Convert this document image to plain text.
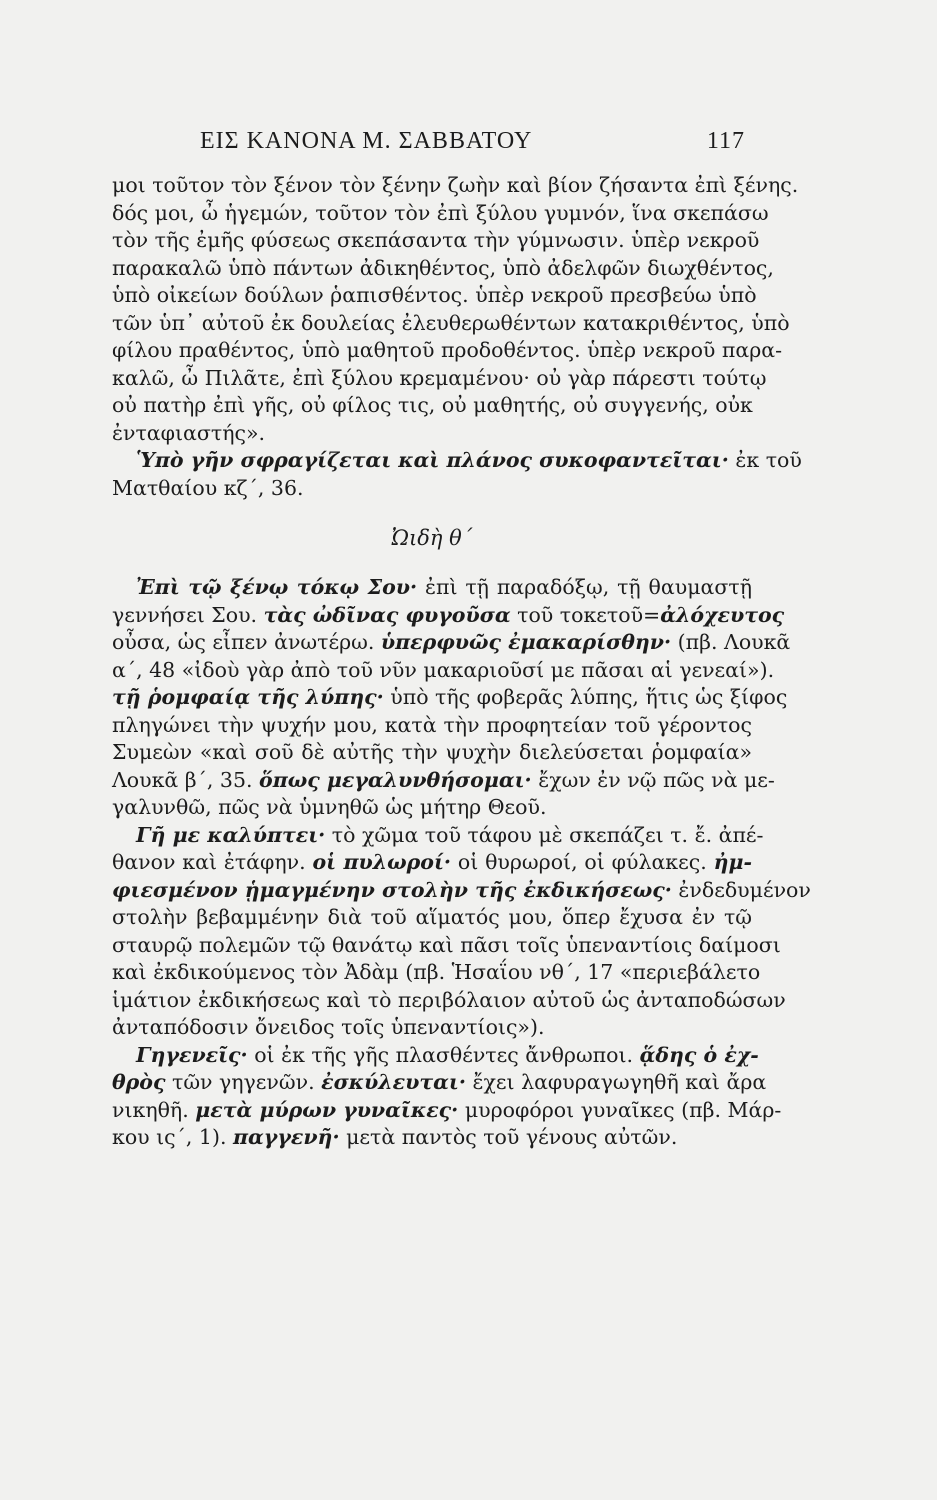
ΕΙΣ ΚΑΝΟΝΑ Μ. ΣΑΒΒΑΤΟΥ	117
μοι τοῦτον τὸν ξένον τὸν ξένην ζωὴν καὶ βίον ζήσαντα ἐπὶ ξένης.
δός μοι, ὦ ἡγεμών, τοῦτον τὸν ἐπὶ ξύλου γυμνόν, ἵνα σκεπάσω
τὸν τῆς ἐμῆς φύσεως σκεπάσαντα τὴν γύμνωσιν. ὑπὲρ νεκροῦ
παρακαλῶ ὑπὸ πάντων ἀδικηθέντος, ὑπὸ ἀδελφῶν διωχθέντος,
ὑπὸ οἰκείων δούλων ῥαπισθέντος. ὑπὲρ νεκροῦ πρεσβεύω ὑπὸ
τῶν ὑπ᾽ αὐτοῦ ἐκ δουλείας ἐλευθερωθέντων κατακριθέντος, ὑπὸ
φίλου πραθέντος, ὑπὸ μαθητοῦ προδοθέντος. ὑπὲρ νεκροῦ παρα-
καλῶ, ὦ Πιλᾶτε, ἐπὶ ξύλου κρεμαμένου· οὐ γὰρ πάρεστι τούτῳ
οὐ πατὴρ ἐπὶ γῆς, οὐ φίλος τις, οὐ μαθητής, οὐ συγγενής, οὐκ
ἐνταφιαστής».
Ὑπὸ γῆν σφραγίζεται καὶ πλάνος συκοφαντεῖται· ἐκ τοῦ
Ματθαίου κζ΄, 36.
Ὠιδὴ θ΄
Ἐπὶ τῷ ξένῳ τόκῳ Σου· ἐπὶ τῇ παραδόξῳ, τῇ θαυμαστῇ
γεννήσει Σου. τὰς ὠδῖνας φυγοῦσα τοῦ τοκετοῦ=ἀλόχευτος
οὖσα, ὡς εἶπεν ἀνωτέρω. ὑπερφυῶς ἐμακαρίσθην· (πβ. Λουκᾶ
α΄, 48 «ἰδοὺ γὰρ ἀπὸ τοῦ νῦν μακαριοῦσί με πᾶσαι αἱ γενεαί»).
τῇ ῥομφαίᾳ τῆς λύπης· ὑπὸ τῆς φοβερᾶς λύπης, ἥτις ὡς ξίφος
πληγώνει τὴν ψυχήν μου, κατὰ τὴν προφητείαν τοῦ γέροντος
Συμεὼν «καὶ σοῦ δὲ αὐτῆς τὴν ψυχὴν διελεύσεται ῥομφαία»
Λουκᾶ β΄, 35. ὅπως μεγαλυνθήσομαι· ἔχων ἐν νῷ πῶς νὰ με-
γαλυνθῶ, πῶς νὰ ὑμνηθῶ ὡς μήτηρ Θεοῦ.
Γῆ με καλύπτει· τὸ χῶμα τοῦ τάφου μὲ σκεπάζει τ. ἔ. ἀπέ-
θανον καὶ ἐτάφην. οἱ πυλωροί· οἱ θυρωροί, οἱ φύλακες. ἠμ-
φιεσμένον ᾑμαγμένην στολὴν τῆς ἐκδικήσεως· ἐνδεδυμένον
στολὴν βεβαμμένην διὰ τοῦ αἵματός μου, ὅπερ ἔχυσα ἐν τῷ
σταυρῷ πολεμῶν τῷ θανάτῳ καὶ πᾶσι τοῖς ὑπεναντίοις δαίμοσι
καὶ ἐκδικούμενος τὸν Ἀδὰμ (πβ. Ἡσαΐου νθ΄, 17 «περιεβάλετο
ἱμάτιον ἐκδικήσεως καὶ τὸ περιβόλαιον αὐτοῦ ὡς ἀνταποδώσων
ἀνταπόδοσιν ὄνειδος τοῖς ὑπεναντίοις»).
Γηγενεῖς· οἱ ἐκ τῆς γῆς πλασθέντες ἄνθρωποι. ᾅδης ὁ ἐχ-
θρὸς τῶν γηγενῶν. ἐσκύλευται· ἔχει λαφυραγωγηθῆ καὶ ἄρα
νικηθῆ. μετὰ μύρων γυναῖκες· μυροφόροι γυναῖκες (πβ. Μάρ-
κου ις΄, 1). παγγενῆ· μετὰ παντὸς τοῦ γένους αὐτῶν.
